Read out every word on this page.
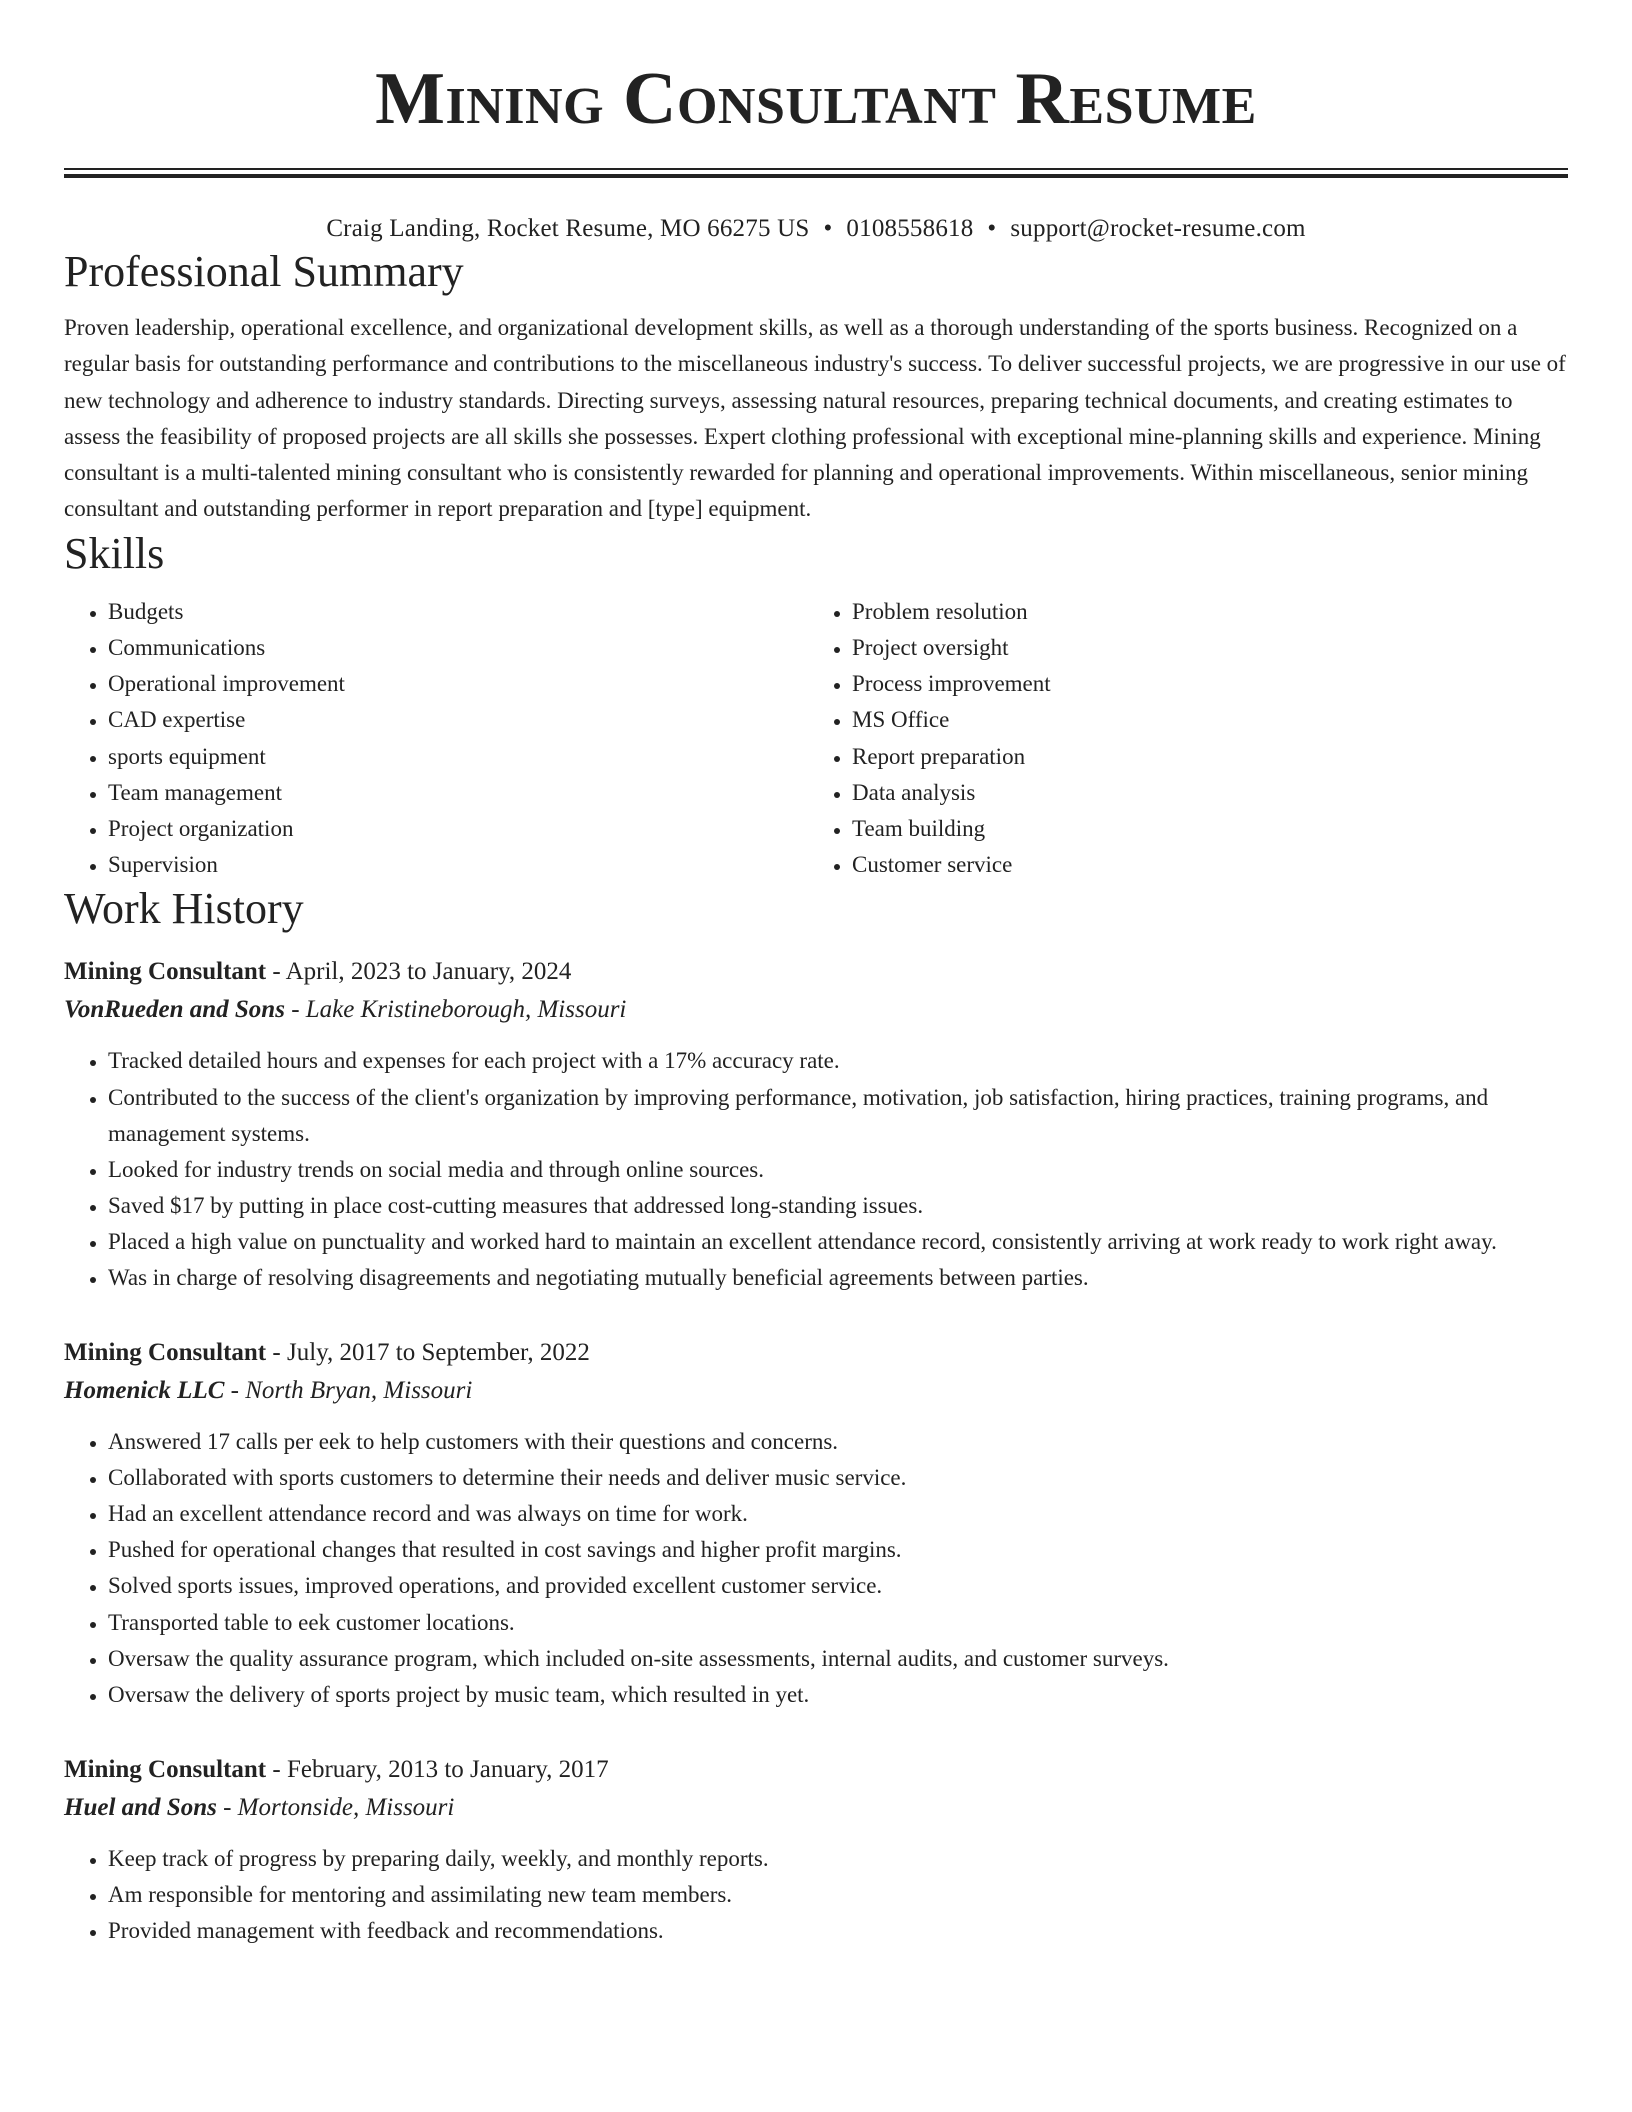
Mining Consultant Resume
Craig Landing, Rocket Resume, MO 66275 US • 0108558618 • support@rocket-resume.com
Professional Summary

Proven leadership, operational excellence, and organizational development skills, as well as a thorough understanding of the sports business. Recognized on a regular basis for outstanding performance and contributions to the miscellaneous industry's success. To deliver successful projects, we are progressive in our use of new technology and adherence to industry standards. Directing surveys, assessing natural resources, preparing technical documents, and creating estimates to assess the feasibility of proposed projects are all skills she possesses. Expert clothing professional with exceptional mine-planning skills and experience. Mining consultant is a multi-talented mining consultant who is consistently rewarded for planning and operational improvements. Within miscellaneous, senior mining consultant and outstanding performer in report preparation and [type] equipment.

Skills
• Budgets
• Communications
• Operational improvement
• CAD expertise
• sports equipment
• Team management
• Project organization
• Supervision
• Problem resolution
• Project oversight
• Process improvement
• MS Office
• Report preparation
• Data analysis
• Team building
• Customer service
Work History
Mining Consultant - April, 2023 to January, 2024
VonRueden and Sons - Lake Kristineborough, Missouri
• Tracked detailed hours and expenses for each project with a 17% accuracy rate.
• Contributed to the success of the client's organization by improving performance, motivation, job satisfaction, hiring practices, training programs, and management systems.
• Looked for industry trends on social media and through online sources.
• Saved $17 by putting in place cost-cutting measures that addressed long-standing issues.
• Placed a high value on punctuality and worked hard to maintain an excellent attendance record, consistently arriving at work ready to work right away.
• Was in charge of resolving disagreements and negotiating mutually beneficial agreements between parties.
Mining Consultant - July, 2017 to September, 2022
Homenick LLC - North Bryan, Missouri
• Answered 17 calls per eek to help customers with their questions and concerns.
• Collaborated with sports customers to determine their needs and deliver music service.
• Had an excellent attendance record and was always on time for work.
• Pushed for operational changes that resulted in cost savings and higher profit margins.
• Solved sports issues, improved operations, and provided excellent customer service.
• Transported table to eek customer locations.
• Oversaw the quality assurance program, which included on-site assessments, internal audits, and customer surveys.
• Oversaw the delivery of sports project by music team, which resulted in yet.
Mining Consultant - February, 2013 to January, 2017
Huel and Sons - Mortonside, Missouri
• Keep track of progress by preparing daily, weekly, and monthly reports.
• Am responsible for mentoring and assimilating new team members.
• Provided management with feedback and recommendations.
